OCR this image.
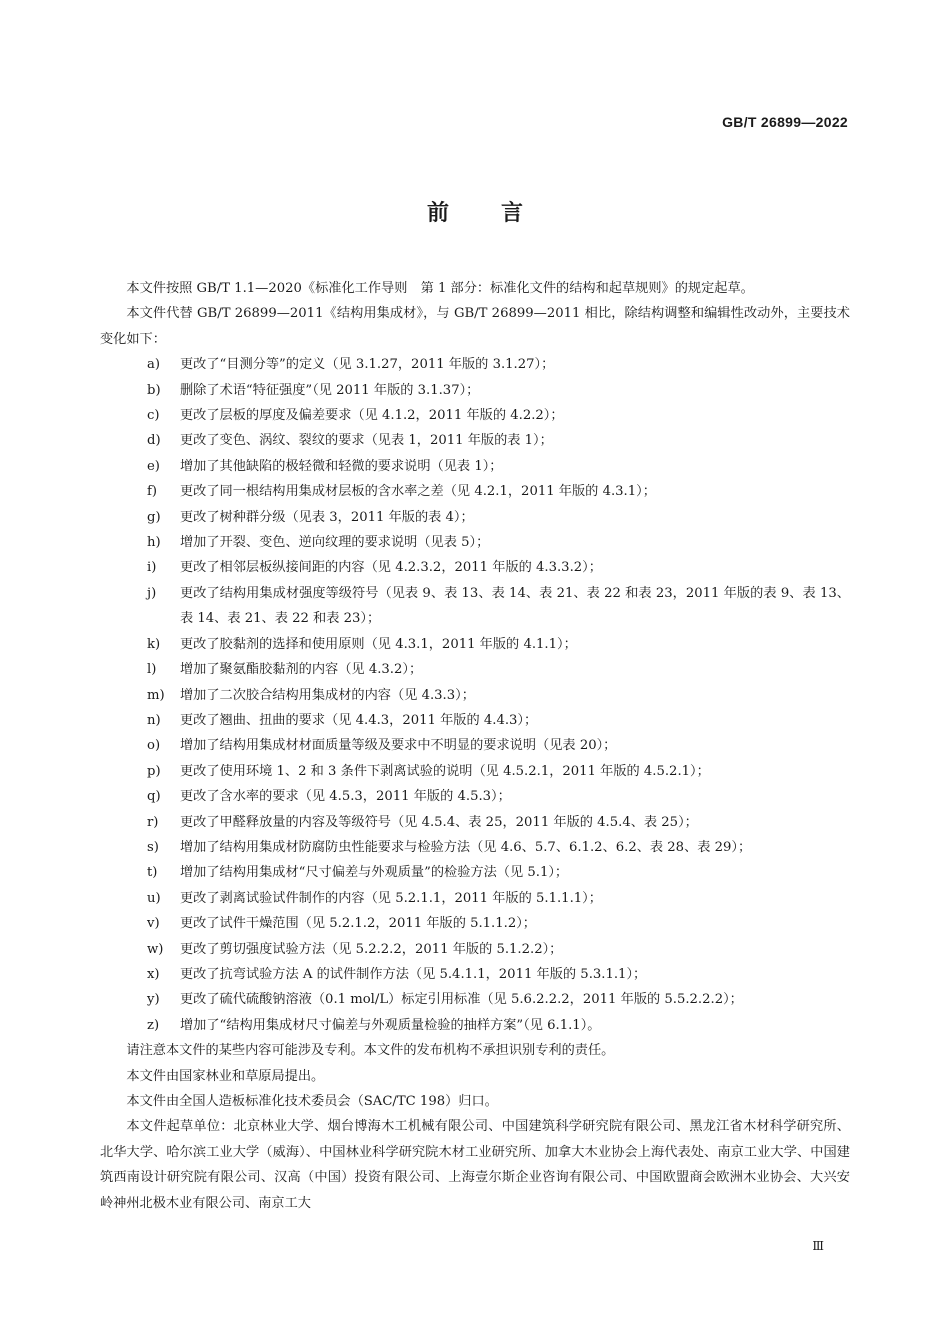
GB/T 26899—2022
前言

本文件按照 GB/T 1.1—2020《标准化工作导则　第 1 部分：标准化文件的结构和起草规则》的规定起草。

本文件代替 GB/T 26899—2011《结构用集成材》，与 GB/T 26899—2011 相比，除结构调整和编辑性改动外，主要技术变化如下：

a)	更改了“目测分等”的定义（见 3.1.27，2011 年版的 3.1.27）；
b)	删除了术语“特征强度”（见 2011 年版的 3.1.37）；
c)	更改了层板的厚度及偏差要求（见 4.1.2，2011 年版的 4.2.2）；
d)	更改了变色、涡纹、裂纹的要求（见表 1，2011 年版的表 1）；
e)	增加了其他缺陷的极轻微和轻微的要求说明（见表 1）；
f)	更改了同一根结构用集成材层板的含水率之差（见 4.2.1，2011 年版的 4.3.1）；
g)	更改了树种群分级（见表 3，2011 年版的表 4）；
h)	增加了开裂、变色、逆向纹理的要求说明（见表 5）；
i)	更改了相邻层板纵接间距的内容（见 4.2.3.2，2011 年版的 4.3.3.2）；
j)	更改了结构用集成材强度等级符号（见表 9、表 13、表 14、表 21、表 22 和表 23，2011 年版的表 9、表 13、表 14、表 21、表 22 和表 23）；
k)	更改了胶黏剂的选择和使用原则（见 4.3.1，2011 年版的 4.1.1）；
l)	增加了聚氨酯胶黏剂的内容（见 4.3.2）；
m)	增加了二次胶合结构用集成材的内容（见 4.3.3）；
n)	更改了翘曲、扭曲的要求（见 4.4.3，2011 年版的 4.4.3）；
o)	增加了结构用集成材材面质量等级及要求中不明显的要求说明（见表 20）；
p)	更改了使用环境 1、2 和 3 条件下剥离试验的说明（见 4.5.2.1，2011 年版的 4.5.2.1）；
q)	更改了含水率的要求（见 4.5.3，2011 年版的 4.5.3）；
r)	更改了甲醛释放量的内容及等级符号（见 4.5.4、表 25，2011 年版的 4.5.4、表 25）；
s)	增加了结构用集成材防腐防虫性能要求与检验方法（见 4.6、5.7、6.1.2、6.2、表 28、表 29）；
t)	增加了结构用集成材“尺寸偏差与外观质量”的检验方法（见 5.1）；
u)	更改了剥离试验试件制作的内容（见 5.2.1.1，2011 年版的 5.1.1.1）；
v)	更改了试件干燥范围（见 5.2.1.2，2011 年版的 5.1.1.2）；
w)	更改了剪切强度试验方法（见 5.2.2.2，2011 年版的 5.1.2.2）；
x)	更改了抗弯试验方法 A 的试件制作方法（见 5.4.1.1，2011 年版的 5.3.1.1）；
y)	更改了硫代硫酸钠溶液（0.1 mol/L）标定引用标准（见 5.6.2.2.2，2011 年版的 5.5.2.2.2）；
z)	增加了“结构用集成材尺寸偏差与外观质量检验的抽样方案”（见 6.1.1）。

请注意本文件的某些内容可能涉及专利。本文件的发布机构不承担识别专利的责任。

本文件由国家林业和草原局提出。

本文件由全国人造板标准化技术委员会（SAC/TC 198）归口。

本文件起草单位：北京林业大学、烟台博海木工机械有限公司、中国建筑科学研究院有限公司、黑龙江省木材科学研究所、北华大学、哈尔滨工业大学（威海）、中国林业科学研究院木材工业研究所、加拿大木业协会上海代表处、南京工业大学、中国建筑西南设计研究院有限公司、汉高（中国）投资有限公司、上海壹尔斯企业咨询有限公司、中国欧盟商会欧洲木业协会、大兴安岭神州北极木业有限公司、南京工大

Ⅲ
